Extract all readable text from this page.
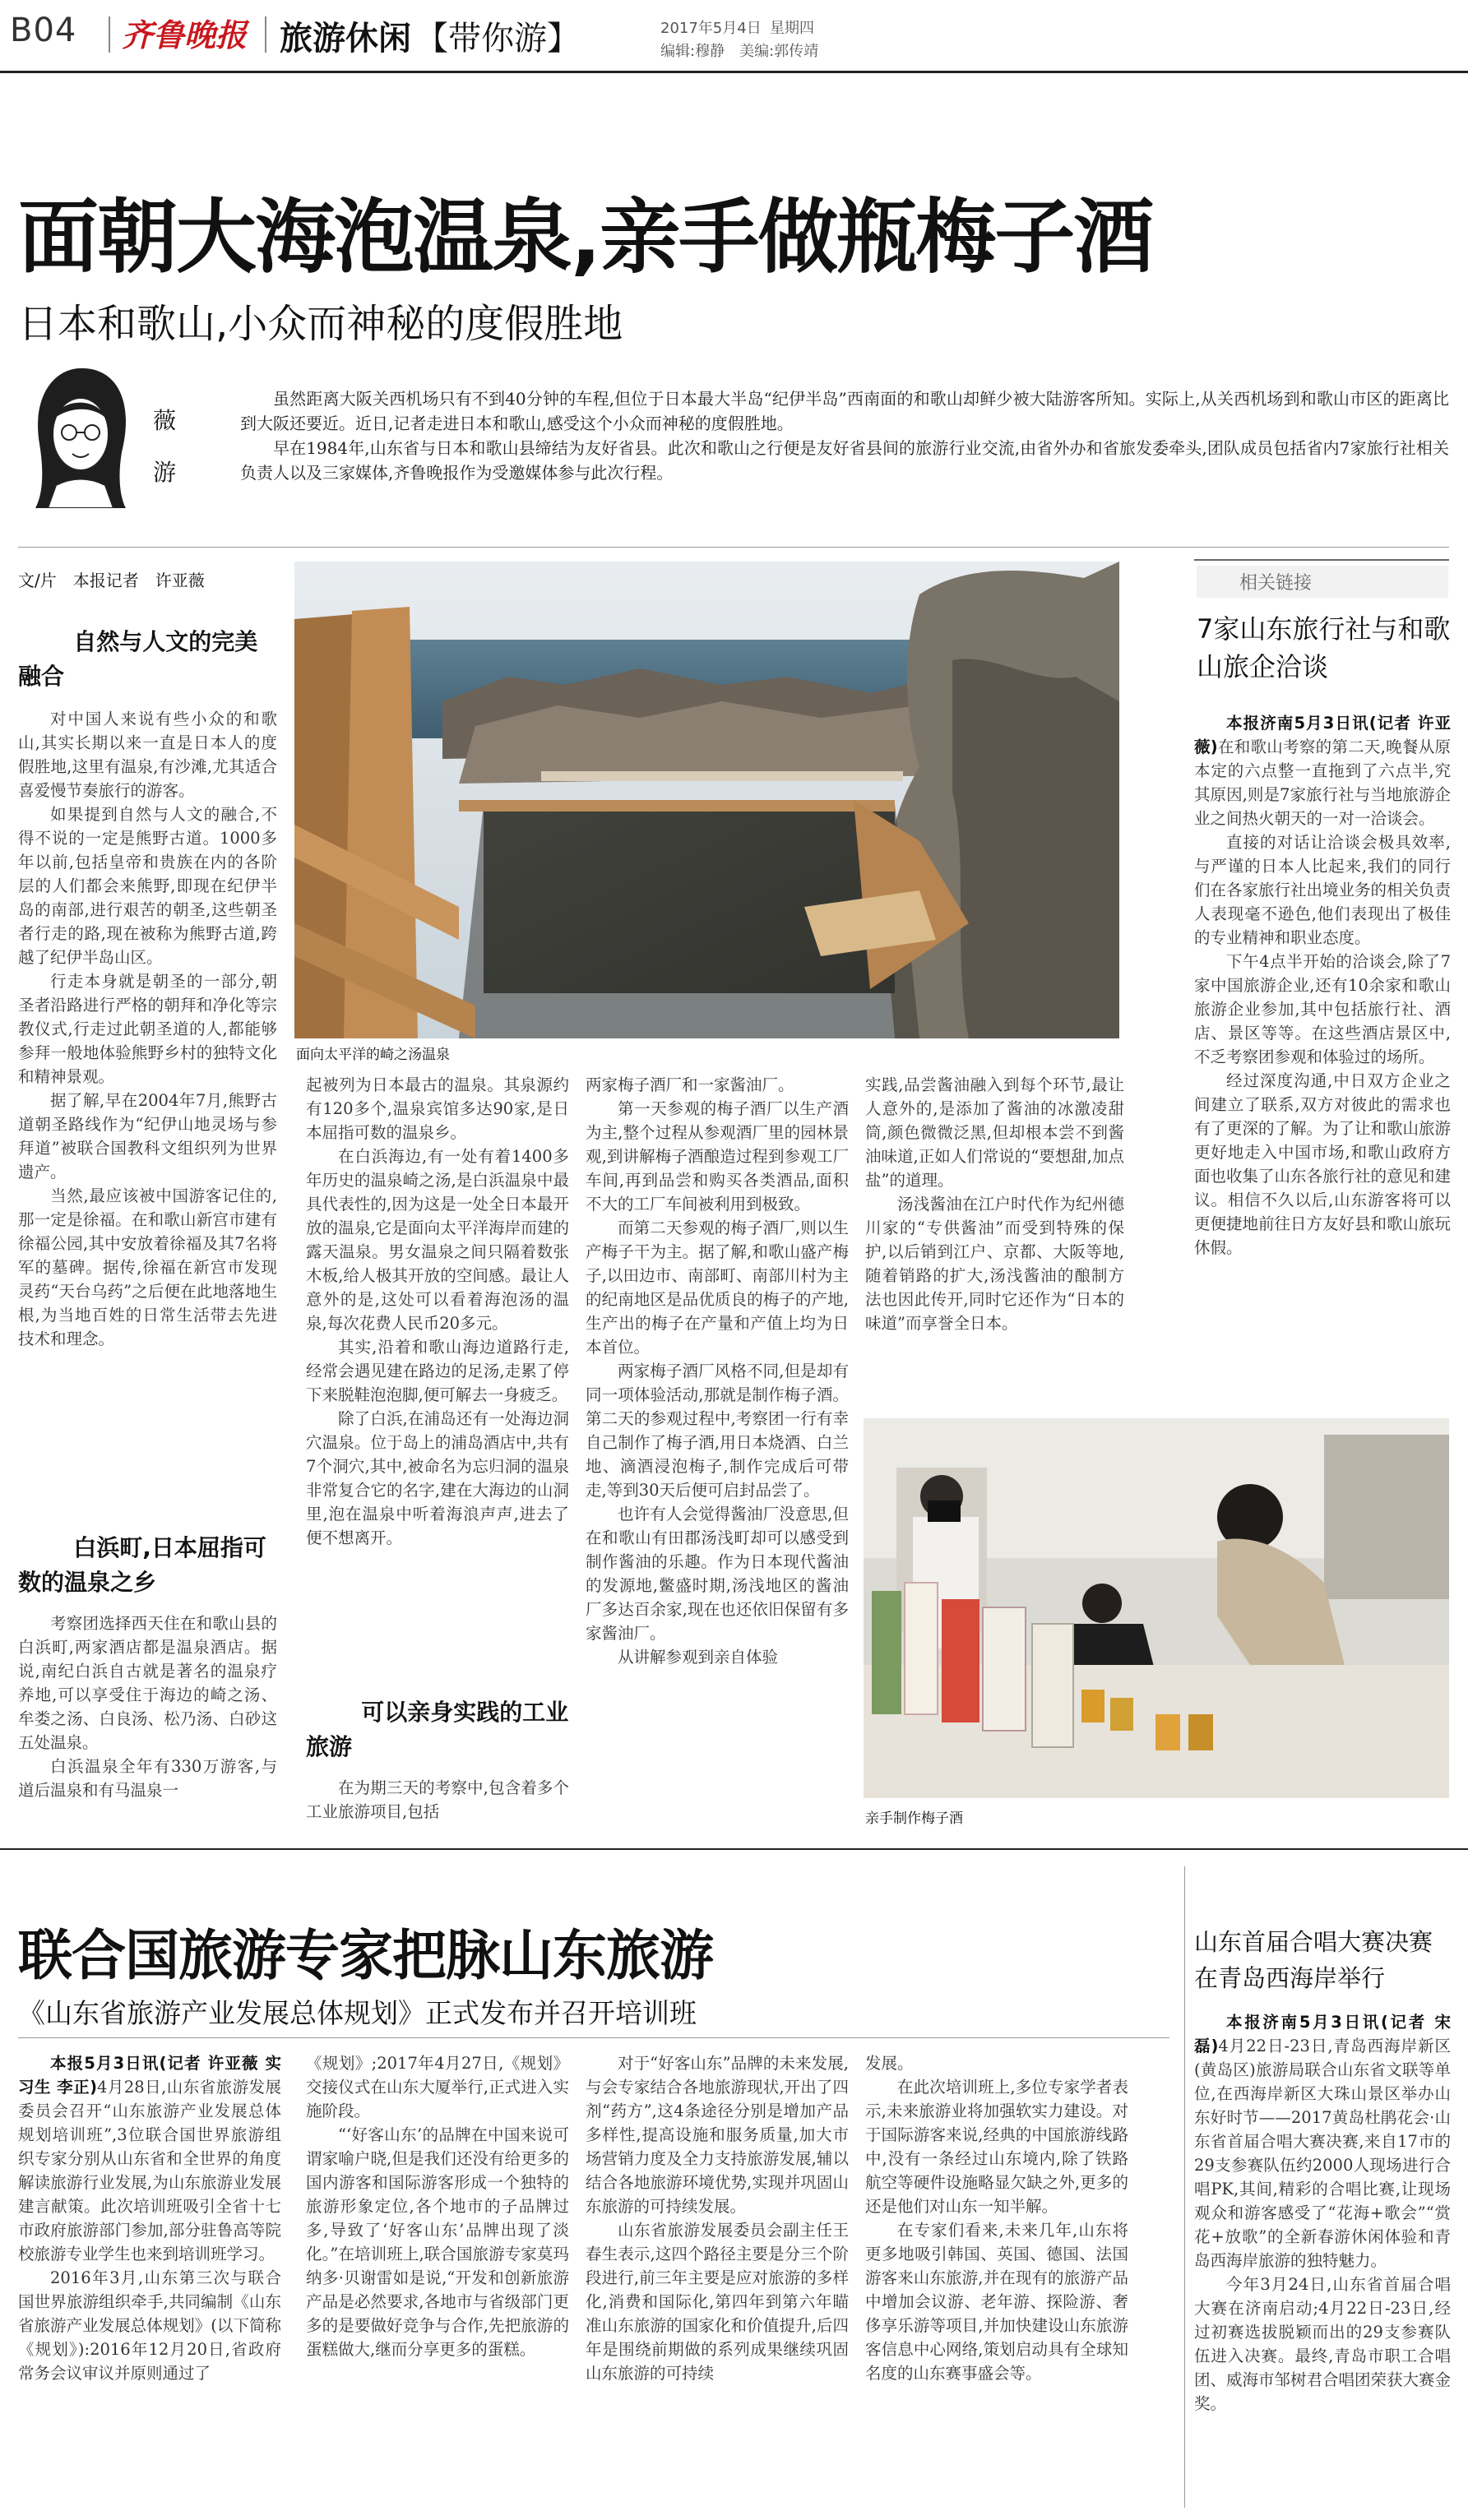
B04 齐鲁晚报 旅游休闲 【带你游】	2017年5月4日 星期四
编辑:穆静　美编:郭传靖
面朝大海泡温泉,亲手做瓶梅子酒
日本和歌山,小众而神秘的度假胜地
薇
游

虽然距离大阪关西机场只有不到40分钟的车程,但位于日本最大半岛“纪伊半岛”西南面的和歌山却鲜少被大陆游客所知。实际上,从关西机场到和歌山市区的距离比到大阪还要近。近日,记者走进日本和歌山,感受这个小众而神秘的度假胜地。

早在1984年,山东省与日本和歌山县缔结为友好省县。此次和歌山之行便是友好省县间的旅游行业交流,由省外办和省旅发委牵头,团队成员包括省内7家旅行社相关负责人以及三家媒体,齐鲁晚报作为受邀媒体参与此次行程。

文/片　本报记者　许亚薇
面向太平洋的崎之汤温泉
自然与人文的完美融合

对中国人来说有些小众的和歌山,其实长期以来一直是日本人的度假胜地,这里有温泉,有沙滩,尤其适合喜爱慢节奏旅行的游客。

如果提到自然与人文的融合,不得不说的一定是熊野古道。1000多年以前,包括皇帝和贵族在内的各阶层的人们都会来熊野,即现在纪伊半岛的南部,进行艰苦的朝圣,这些朝圣者行走的路,现在被称为熊野古道,跨越了纪伊半岛山区。

行走本身就是朝圣的一部分,朝圣者沿路进行严格的朝拜和净化等宗教仪式,行走过此朝圣道的人,都能够参拜一般地体验熊野乡村的独特文化和精神景观。

据了解,早在2004年7月,熊野古道朝圣路线作为“纪伊山地灵场与参拜道”被联合国教科文组织列为世界遗产。

当然,最应该被中国游客记住的,那一定是徐福。在和歌山新宫市建有徐福公园,其中安放着徐福及其7名将军的墓碑。据传,徐福在新宫市发现灵药“天台乌药”之后便在此地落地生根,为当地百姓的日常生活带去先进技术和理念。

白浜町,日本屈指可数的温泉之乡

考察团选择西天住在和歌山县的白浜町,两家酒店都是温泉酒店。据说,南纪白浜自古就是著名的温泉疗养地,可以享受住于海边的崎之汤、牟娄之汤、白良汤、松乃汤、白砂这五处温泉。

白浜温泉全年有330万游客,与道后温泉和有马温泉一

起被列为日本最古的温泉。其泉源约有120多个,温泉宾馆多达90家,是日本屈指可数的温泉乡。

在白浜海边,有一处有着1400多年历史的温泉崎之汤,是白浜温泉中最具代表性的,因为这是一处全日本最开放的温泉,它是面向太平洋海岸而建的露天温泉。男女温泉之间只隔着数张木板,给人极其开放的空间感。最让人意外的是,这处可以看着海泡汤的温泉,每次花费人民币20多元。

其实,沿着和歌山海边道路行走,经常会遇见建在路边的足汤,走累了停下来脱鞋泡泡脚,便可解去一身疲乏。

除了白浜,在浦岛还有一处海边洞穴温泉。位于岛上的浦岛酒店中,共有7个洞穴,其中,被命名为忘归洞的温泉非常复合它的名字,建在大海边的山洞里,泡在温泉中听着海浪声声,进去了便不想离开。

可以亲身实践的工业旅游

在为期三天的考察中,包含着多个工业旅游项目,包括

两家梅子酒厂和一家酱油厂。

第一天参观的梅子酒厂以生产酒为主,整个过程从参观酒厂里的园林景观,到讲解梅子酒酿造过程到参观工厂车间,再到品尝和购买各类酒品,面积不大的工厂车间被利用到极致。

而第二天参观的梅子酒厂,则以生产梅子干为主。据了解,和歌山盛产梅子,以田边市、南部町、南部川村为主的纪南地区是品优质良的梅子的产地,生产出的梅子在产量和产值上均为日本首位。

两家梅子酒厂风格不同,但是却有同一项体验活动,那就是制作梅子酒。第二天的参观过程中,考察团一行有幸自己制作了梅子酒,用日本烧酒、白兰地、滴酒浸泡梅子,制作完成后可带走,等到30天后便可启封品尝了。

也许有人会觉得酱油厂没意思,但在和歌山有田郡汤浅町却可以感受到制作酱油的乐趣。作为日本现代酱油的发源地,鳖盛时期,汤浅地区的酱油厂多达百余家,现在也还依旧保留有多家酱油厂。

从讲解参观到亲自体验

实践,品尝酱油融入到每个环节,最让人意外的,是添加了酱油的冰激凌甜筒,颜色微微泛黑,但却根本尝不到酱油味道,正如人们常说的“要想甜,加点盐”的道理。

汤浅酱油在江户时代作为纪州德川家的“专供酱油”而受到特殊的保护,以后销到江户、京都、大阪等地,随着销路的扩大,汤浅酱油的酿制方法也因此传开,同时它还作为“日本的味道”而享誉全日本。

亲手制作梅子酒
相关链接
7家山东旅行社与和歌山旅企洽谈

本报济南5月3日讯(记者 许亚薇)在和歌山考察的第二天,晚餐从原本定的六点整一直拖到了六点半,究其原因,则是7家旅行社与当地旅游企业之间热火朝天的一对一洽谈会。

直接的对话让洽谈会极具效率,与严谨的日本人比起来,我们的同行们在各家旅行社出境业务的相关负责人表现毫不逊色,他们表现出了极佳的专业精神和职业态度。

下午4点半开始的洽谈会,除了7家中国旅游企业,还有10余家和歌山旅游企业参加,其中包括旅行社、酒店、景区等等。在这些酒店景区中,不乏考察团参观和体验过的场所。

经过深度沟通,中日双方企业之间建立了联系,双方对彼此的需求也有了更深的了解。为了让和歌山旅游更好地走入中国市场,和歌山政府方面也收集了山东各旅行社的意见和建议。相信不久以后,山东游客将可以更便捷地前往日方友好县和歌山旅玩休假。

联合国旅游专家把脉山东旅游
《山东省旅游产业发展总体规划》正式发布并召开培训班

本报5月3日讯(记者 许亚薇 实习生 李正)4月28日,山东省旅游发展委员会召开“山东旅游产业发展总体规划培训班”,3位联合国世界旅游组织专家分别从山东省和全世界的角度解读旅游行业发展,为山东旅游业发展建言献策。此次培训班吸引全省十七市政府旅游部门参加,部分驻鲁高等院校旅游专业学生也来到培训班学习。

2016年3月,山东第三次与联合国世界旅游组织牵手,共同编制《山东省旅游产业发展总体规划》(以下简称《规划》):2016年12月20日,省政府常务会议审议并原则通过了

《规划》;2017年4月27日,《规划》交接仪式在山东大厦举行,正式进入实施阶段。

“‘好客山东’的品牌在中国来说可谓家喻户晓,但是我们还没有给更多的国内游客和国际游客形成一个独特的旅游形象定位,各个地市的子品牌过多,导致了‘好客山东’品牌出现了淡化。”在培训班上,联合国旅游专家莫玛纳多·贝谢雷如是说,“开发和创新旅游产品是必然要求,各地市与省级部门更多的是要做好竞争与合作,先把旅游的蛋糕做大,继而分享更多的蛋糕。

对于“好客山东”品牌的未来发展,与会专家结合各地旅游现状,开出了四剂“药方”,这4条途径分别是增加产品多样性,提高设施和服务质量,加大市场营销力度及全力支持旅游发展,辅以结合各地旅游环境优势,实现并巩固山东旅游的可持续发展。

山东省旅游发展委员会副主任王春生表示,这四个路径主要是分三个阶段进行,前三年主要是应对旅游的多样化,消费和国际化,第四年到第六年瞄准山东旅游的国家化和价值提升,后四年是围绕前期做的系列成果继续巩固山东旅游的可持续

发展。

在此次培训班上,多位专家学者表示,未来旅游业将加强软实力建设。对于国际游客来说,经典的中国旅游线路中,没有一条经过山东境内,除了铁路航空等硬件设施略显欠缺之外,更多的还是他们对山东一知半解。

在专家们看来,未来几年,山东将更多地吸引韩国、英国、德国、法国游客来山东旅游,并在现有的旅游产品中增加会议游、老年游、探险游、奢侈享乐游等项目,并加快建设山东旅游客信息中心网络,策划启动具有全球知名度的山东赛事盛会等。

山东首届合唱大赛决赛在青岛西海岸举行

本报济南5月3日讯(记者 宋磊)4月22日-23日,青岛西海岸新区(黄岛区)旅游局联合山东省文联等单位,在西海岸新区大珠山景区举办山东好时节——2017黄岛杜鹃花会·山东省首届合唱大赛决赛,来自17市的29支参赛队伍约2000人现场进行合唱PK,其间,精彩的合唱比赛,让现场观众和游客感受了“花海+歌会”“赏花+放歌”的全新春游休闲体验和青岛西海岸旅游的独特魅力。

今年3月24日,山东省首届合唱大赛在济南启动;4月22日-23日,经过初赛选拔脱颖而出的29支参赛队伍进入决赛。最终,青岛市职工合唱团、威海市邹树君合唱团荣获大赛金奖。
